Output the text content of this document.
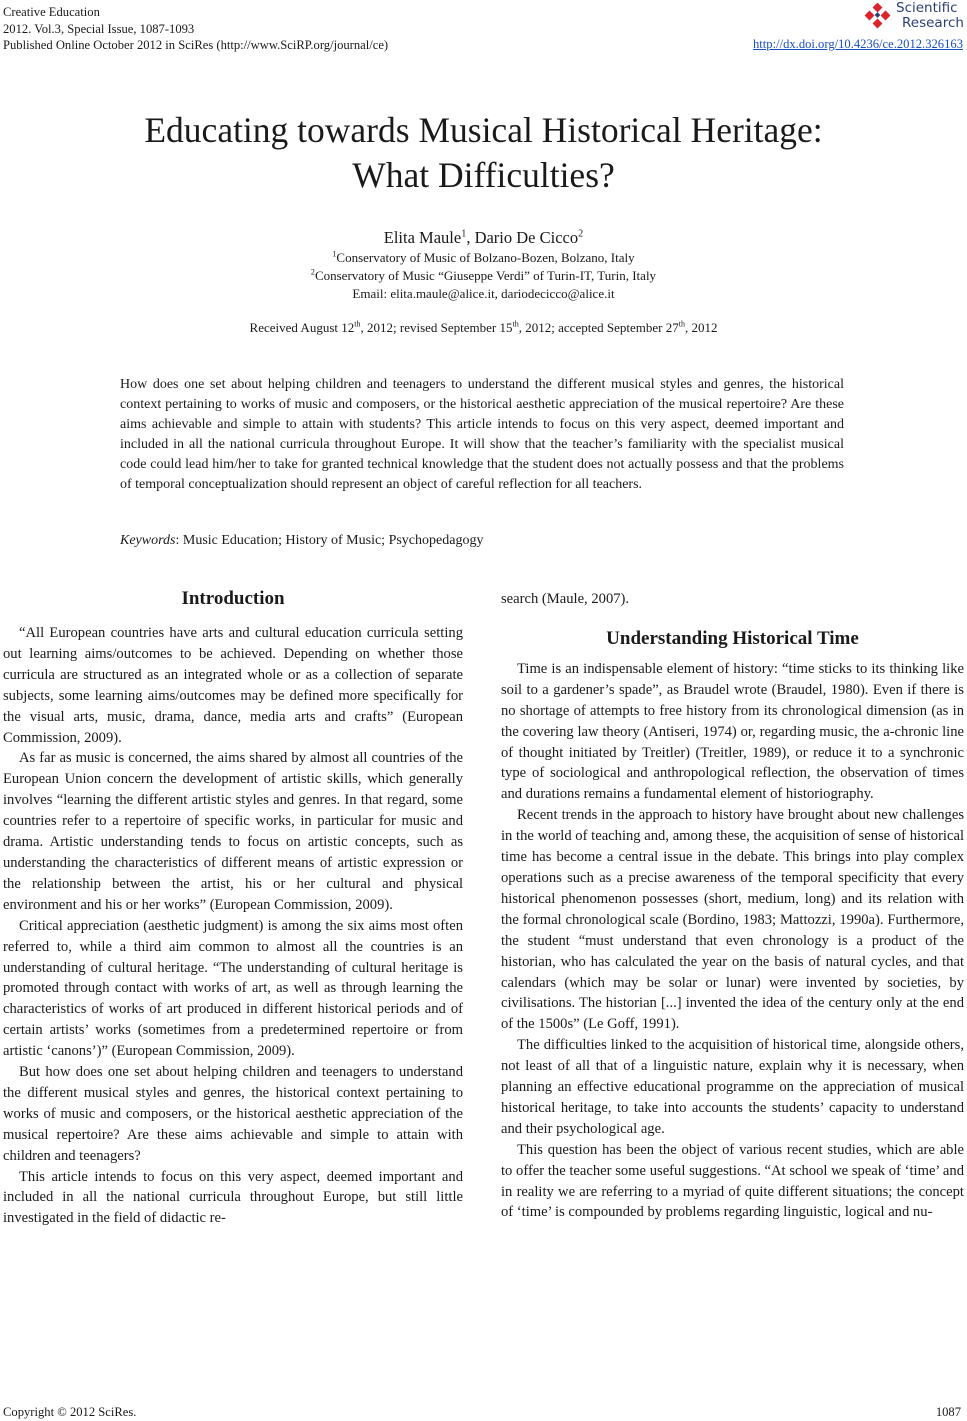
Creative Education
2012. Vol.3, Special Issue, 1087-1093
Published Online October 2012 in SciRes (http://www.SciRP.org/journal/ce)
Scientific
Research
http://dx.doi.org/10.4236/ce.2012.326163
Educating towards Musical Historical Heritage:
What Difficulties?
Elita Maule$^1$, Dario De Cicco$^2$
$^1$Conservatory of Music of Bolzano-Bozen, Bolzano, Italy
$^2$Conservatory of Music “Giuseppe Verdi” of Turin-IT, Turin, Italy
Email: elita.maule@alice.it, dariodecicco@alice.it
Received August 12th, 2012; revised September 15th, 2012; accepted September 27th, 2012

How does one set about helping children and teenagers to understand the different musical styles and genres, the historical context pertaining to works of music and composers, or the historical aesthetic appreciation of the musical repertoire? Are these aims achievable and simple to attain with students? This article intends to focus on this very aspect, deemed important and included in all the national curricula throughout Europe. It will show that the teacher’s familiarity with the specialist musical code could lead him/her to take for granted technical knowledge that the student does not actually possess and that the problems of temporal conceptualization should represent an object of careful reflection for all teachers.

Keywords: Music Education; History of Music; Psychopedagogy
Introduction

“All European countries have arts and cultural education curricula setting out learning aims/outcomes to be achieved. Depending on whether those curricula are structured as an integrated whole or as a collection of separate subjects, some learning aims/outcomes may be defined more specifically for the visual arts, music, drama, dance, media arts and crafts” (European Commission, 2009).

As far as music is concerned, the aims shared by almost all countries of the European Union concern the development of artistic skills, which generally involves “learning the different artistic styles and genres. In that regard, some countries refer to a repertoire of specific works, in particular for music and drama. Artistic understanding tends to focus on artistic concepts, such as understanding the characteristics of different means of artistic expression or the relationship between the artist, his or her cultural and physical environment and his or her works” (European Commission, 2009).

Critical appreciation (aesthetic judgment) is among the six aims most often referred to, while a third aim common to almost all the countries is an understanding of cultural heritage. “The understanding of cultural heritage is promoted through contact with works of art, as well as through learning the characteristics of works of art produced in different historical periods and of certain artists’ works (sometimes from a predetermined repertoire or from artistic ‘canons’)” (European Commission, 2009).

But how does one set about helping children and teenagers to understand the different musical styles and genres, the historical context pertaining to works of music and composers, or the historical aesthetic appreciation of the musical repertoire? Are these aims achievable and simple to attain with children and teenagers?

This article intends to focus on this very aspect, deemed important and included in all the national curricula throughout Europe, but still little investigated in the field of didactic re-

search (Maule, 2007).

Understanding Historical Time

Time is an indispensable element of history: “time sticks to its thinking like soil to a gardener’s spade”, as Braudel wrote (Braudel, 1980). Even if there is no shortage of attempts to free history from its chronological dimension (as in the covering law theory (Antiseri, 1974) or, regarding music, the a-chronic line of thought initiated by Treitler) (Treitler, 1989), or reduce it to a synchronic type of sociological and anthropological reflection, the observation of times and durations remains a fundamental element of historiography.

Recent trends in the approach to history have brought about new challenges in the world of teaching and, among these, the acquisition of sense of historical time has become a central issue in the debate. This brings into play complex operations such as a precise awareness of the temporal specificity that every historical phenomenon possesses (short, medium, long) and its relation with the formal chronological scale (Bordino, 1983; Mattozzi, 1990a). Furthermore, the student “must understand that even chronology is a product of the historian, who has calculated the year on the basis of natural cycles, and that calendars (which may be solar or lunar) were invented by societies, by civilisations. The historian [...] invented the idea of the century only at the end of the 1500s” (Le Goff, 1991).

The difficulties linked to the acquisition of historical time, alongside others, not least of all that of a linguistic nature, explain why it is necessary, when planning an effective educational programme on the appreciation of musical historical heritage, to take into accounts the students’ capacity to understand and their psychological age.

This question has been the object of various recent studies, which are able to offer the teacher some useful suggestions. “At school we speak of ‘time’ and in reality we are referring to a myriad of quite different situations; the concept of ‘time’ is compounded by problems regarding linguistic, logical and nu-

Copyright © 2012 SciRes.	1087
